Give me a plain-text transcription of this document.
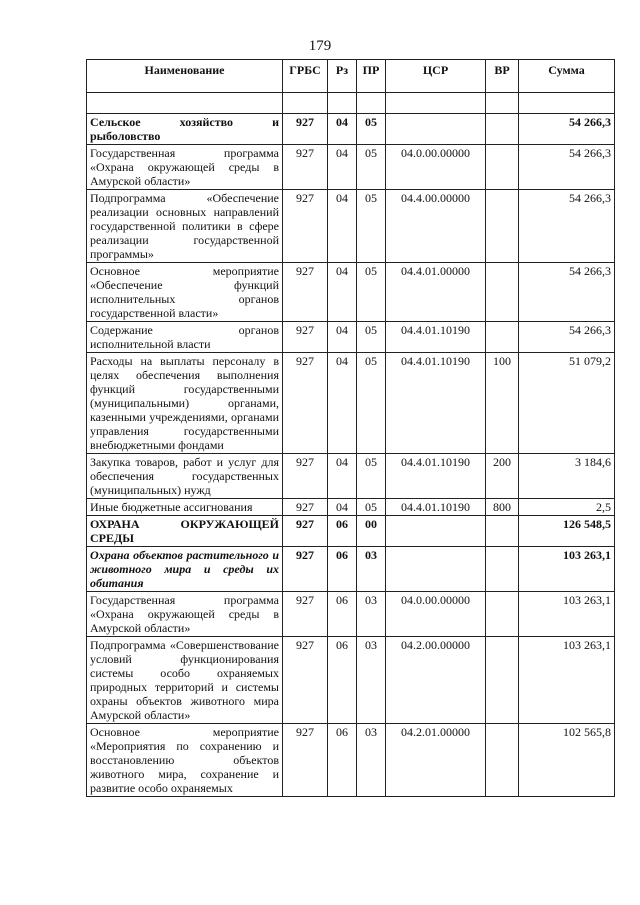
179
Наименование	ГРБС	Рз	ПР	ЦСР	ВР	Сумма

Сельское хозяйство и рыболовство	927	04	05			54 266,3
Государственная программа «Охрана окружающей среды в Амурской области»	927	04	05	04.0.00.00000		54 266,3
Подпрограмма «Обеспечение реализации основных направлений государственной политики в сфере реализации государственной программы»	927	04	05	04.4.00.00000		54 266,3
Основное мероприятие «Обеспечение функций исполнительных органов государственной власти»	927	04	05	04.4.01.00000		54 266,3
Содержание органов исполнительной власти	927	04	05	04.4.01.10190		54 266,3
Расходы на выплаты персоналу в целях обеспечения выполнения функций государственными (муниципальными) органами, казенными учреждениями, органами управления государственными внебюджетными фондами	927	04	05	04.4.01.10190	100	51 079,2
Закупка товаров, работ и услуг для обеспечения государственных (муниципальных) нужд	927	04	05	04.4.01.10190	200	3 184,6
Иные бюджетные ассигнования	927	04	05	04.4.01.10190	800	2,5
ОХРАНА ОКРУЖАЮЩЕЙ СРЕДЫ	927	06	00			126 548,5
Охрана объектов растительного и животного мира и среды их обитания	927	06	03			103 263,1
Государственная программа «Охрана окружающей среды в Амурской области»	927	06	03	04.0.00.00000		103 263,1
Подпрограмма «Совершенствование условий функционирования системы особо охраняемых природных территорий и системы охраны объектов животного мира Амурской области»	927	06	03	04.2.00.00000		103 263,1
Основное мероприятие «Мероприятия по сохранению и восстановлению объектов животного мира, сохранение и развитие особо охраняемых	927	06	03	04.2.01.00000		102 565,8
